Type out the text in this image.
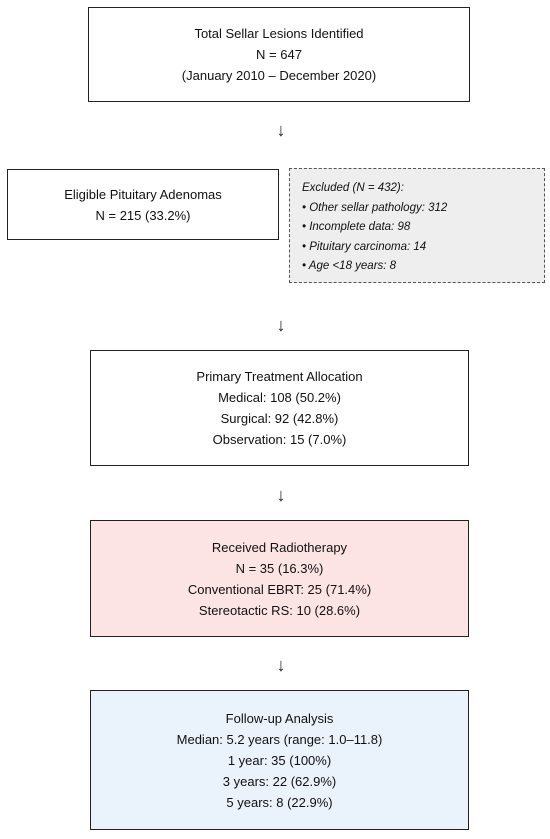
Total Sellar Lesions Identified
N = 647
(January 2010 – December 2020)
↓
Eligible Pituitary Adenomas
N = 215 (33.2%)
Excluded (N = 432):
• Other sellar pathology: 312
• Incomplete data: 98
• Pituitary carcinoma: 14
• Age <18 years: 8
↓
Primary Treatment Allocation
Medical: 108 (50.2%)
Surgical: 92 (42.8%)
Observation: 15 (7.0%)
↓
Received Radiotherapy
N = 35 (16.3%)
Conventional EBRT: 25 (71.4%)
Stereotactic RS: 10 (28.6%)
↓
Follow-up Analysis
Median: 5.2 years (range: 1.0–11.8)
1 year: 35 (100%)
3 years: 22 (62.9%)
5 years: 8 (22.9%)
